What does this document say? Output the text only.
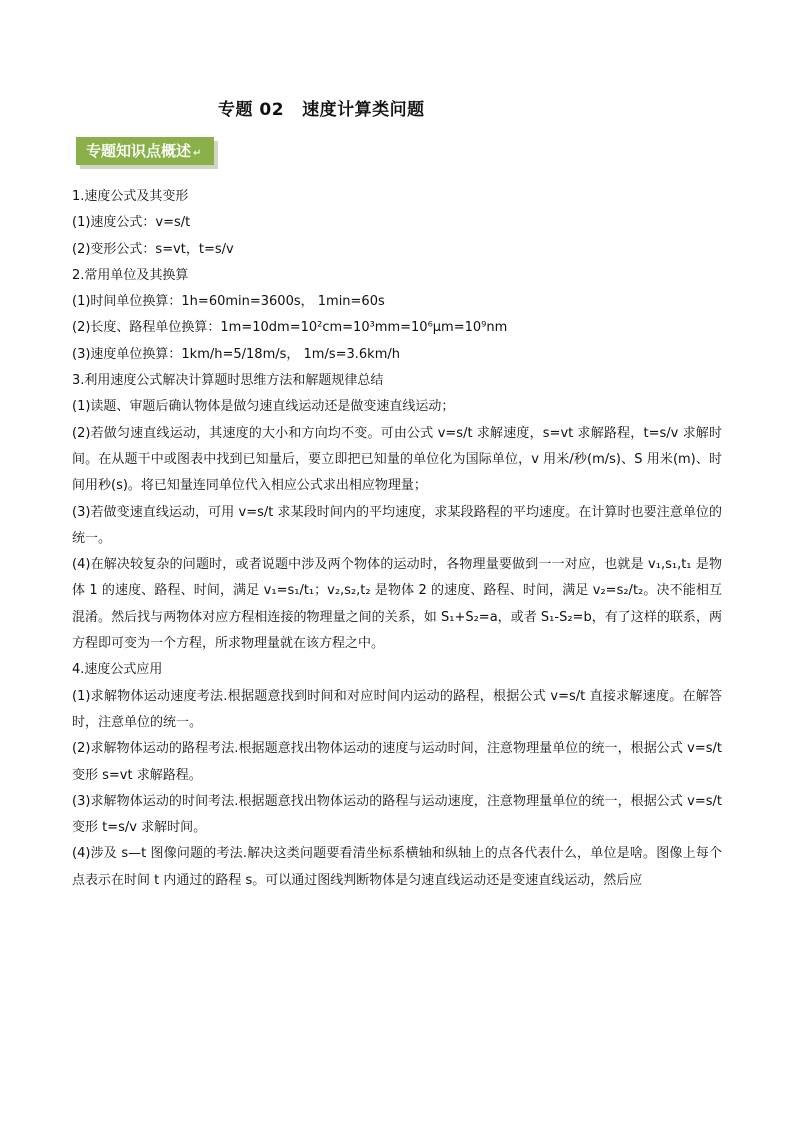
专题 02 速度计算类问题
专题知识点概述 ↵

1.速度公式及其变形

(1)速度公式：v=s/t

(2)变形公式：s=vt，t=s/v

2.常用单位及其换算

(1)时间单位换算：1h=60min=3600s， 1min=60s

(2)长度、路程单位换算：1m=10dm=10²cm=10³mm=10⁶μm=10⁹nm

(3)速度单位换算：1km/h=5/18m/s， 1m/s=3.6km/h

3.利用速度公式解决计算题时思维方法和解题规律总结

(1)读题、审题后确认物体是做匀速直线运动还是做变速直线运动；

(2)若做匀速直线运动，其速度的大小和方向均不变。可由公式 v=s/t 求解速度，s=vt 求解路程，t=s/v 求解时间。在从题干中或图表中找到已知量后，要立即把已知量的单位化为国际单位，v 用米/秒(m/s)、S 用米(m)、时间用秒(s)。将已知量连同单位代入相应公式求出相应物理量；

(3)若做变速直线运动，可用 v=s/t 求某段时间内的平均速度，求某段路程的平均速度。在计算时也要注意单位的统一。

(4)在解决较复杂的问题时，或者说题中涉及两个物体的运动时，各物理量要做到一一对应，也就是 v₁,s₁,t₁ 是物体 1 的速度、路程、时间，满足 v₁=s₁/t₁；v₂,s₂,t₂ 是物体 2 的速度、路程、时间，满足 v₂=s₂/t₂。决不能相互混淆。然后找与两物体对应方程相连接的物理量之间的关系，如 S₁+S₂=a，或者 S₁-S₂=b，有了这样的联系，两方程即可变为一个方程，所求物理量就在该方程之中。

4.速度公式应用

(1)求解物体运动速度考法.根据题意找到时间和对应时间内运动的路程，根据公式 v=s/t 直接求解速度。在解答时，注意单位的统一。

(2)求解物体运动的路程考法.根据题意找出物体运动的速度与运动时间，注意物理量单位的统一，根据公式 v=s/t 变形 s=vt 求解路程。

(3)求解物体运动的时间考法.根据题意找出物体运动的路程与运动速度，注意物理量单位的统一，根据公式 v=s/t 变形 t=s/v 求解时间。

(4)涉及 s—t 图像问题的考法.解决这类问题要看清坐标系横轴和纵轴上的点各代表什么，单位是啥。图像上每个点表示在时间 t 内通过的路程 s。可以通过图线判断物体是匀速直线运动还是变速直线运动，然后应
